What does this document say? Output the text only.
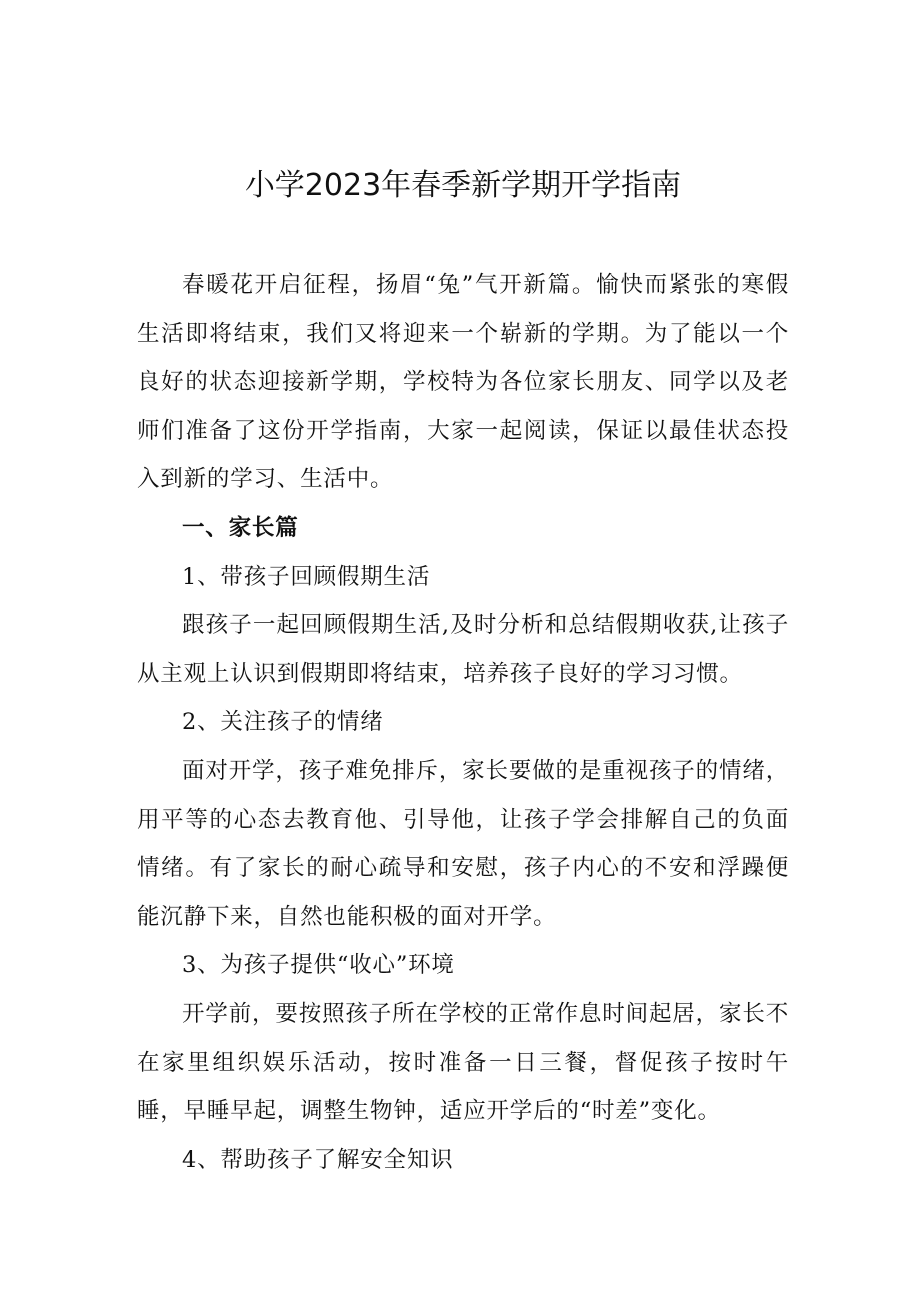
小学2023年春季新学期开学指南

春暖花开启征程，扬眉“兔”气开新篇。愉快而紧张的寒假生活即将结束，我们又将迎来一个崭新的学期。为了能以一个良好的状态迎接新学期，学校特为各位家长朋友、同学以及老师们准备了这份开学指南，大家一起阅读，保证以最佳状态投入到新的学习、生活中。

一、家长篇

1、带孩子回顾假期生活

跟孩子一起回顾假期生活,及时分析和总结假期收获,让孩子从主观上认识到假期即将结束，培养孩子良好的学习习惯。

2、关注孩子的情绪

面对开学，孩子难免排斥，家长要做的是重视孩子的情绪，用平等的心态去教育他、引导他，让孩子学会排解自己的负面情绪。有了家长的耐心疏导和安慰，孩子内心的不安和浮躁便能沉静下来，自然也能积极的面对开学。

3、为孩子提供“收心”环境

开学前，要按照孩子所在学校的正常作息时间起居，家长不在家里组织娱乐活动，按时准备一日三餐，督促孩子按时午睡，早睡早起，调整生物钟，适应开学后的“时差”变化。

4、帮助孩子了解安全知识
